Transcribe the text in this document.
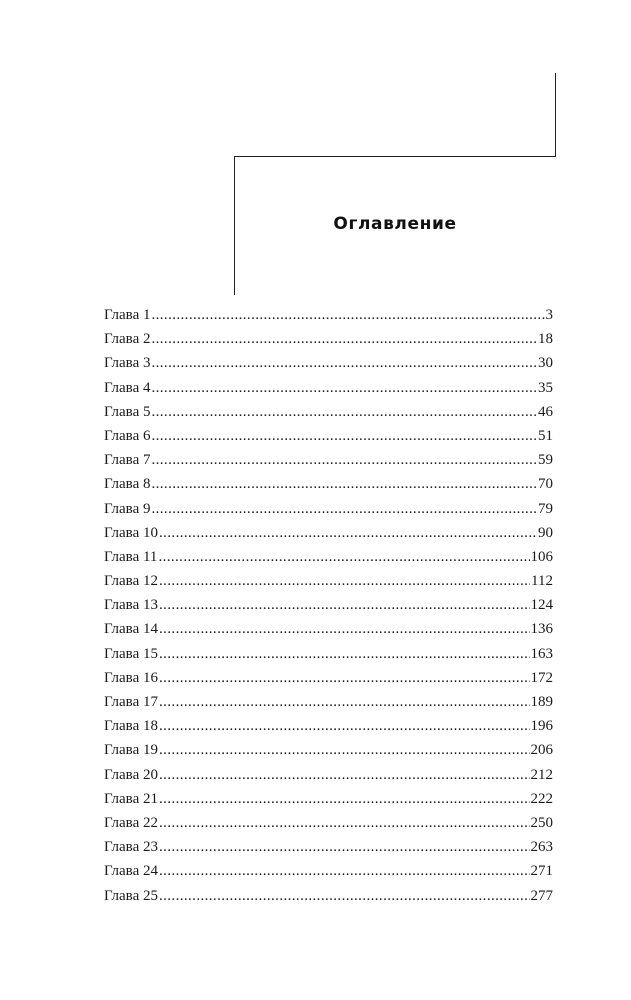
Оглавление
Глава 1 .....	3
Глава 2 .....	18
Глава 3 .....	30
Глава 4 .....	35
Глава 5 .....	46
Глава 6 .....	51
Глава 7 .....	59
Глава 8 .....	70
Глава 9 .....	79
Глава 10 .....	90
Глава 11 .....	106
Глава 12 .....	112
Глава 13 .....	124
Глава 14 .....	136
Глава 15 .....	163
Глава 16 .....	172
Глава 17 .....	189
Глава 18 .....	196
Глава 19 .....	206
Глава 20 .....	212
Глава 21 .....	222
Глава 22 .....	250
Глава 23 .....	263
Глава 24 .....	271
Глава 25 .....	277
